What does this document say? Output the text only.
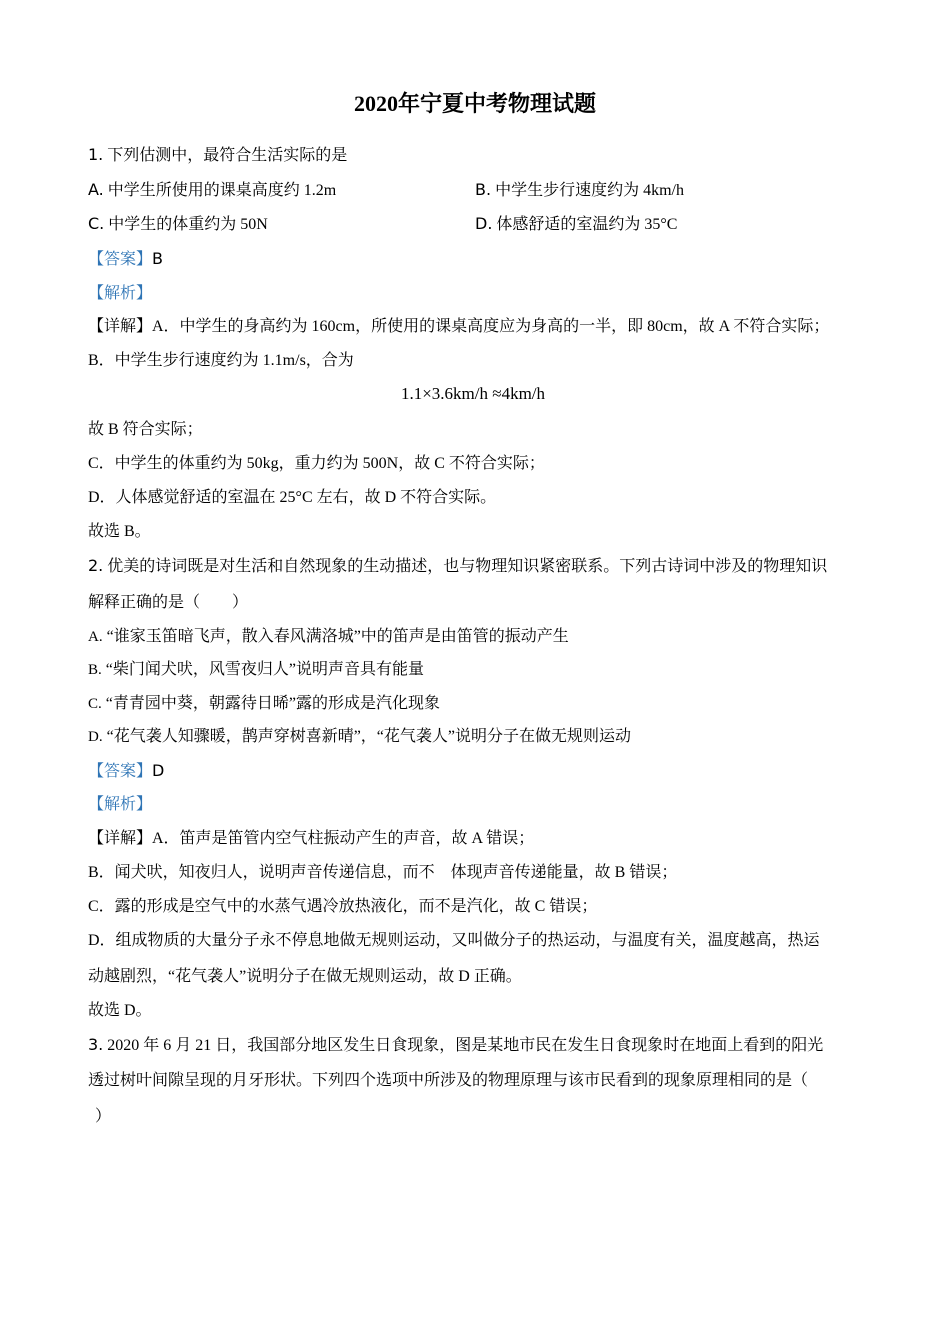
2020年宁夏中考物理试题
1. 下列估测中，最符合生活实际的是
A. 中学生所使用的课桌高度约 1.2m	B. 中学生步行速度约为 4km/h
C. 中学生的体重约为 50N	D. 体感舒适的室温约为 35°C
【答案】B
【解析】
【详解】A．中学生的身高约为 160cm，所使用的课桌高度应为身高的一半，即 80cm，故 A 不符合实际；
B．中学生步行速度约为 1.1m/s，合为
1.1×3.6km/h ≈4km/h
故 B 符合实际；
C．中学生的体重约为 50kg，重力约为 500N，故 C 不符合实际；
D．人体感觉舒适的室温在 25°C 左右，故 D 不符合实际。
故选 B。
2. 优美的诗词既是对生活和自然现象的生动描述，也与物理知识紧密联系。下列古诗词中涉及的物理知识
解释正确的是（　　）
A. “谁家玉笛暗飞声，散入春风满洛城”中的笛声是由笛管的振动产生
B. “柴门闻犬吠，风雪夜归人”说明声音具有能量
C. “青青园中葵，朝露待日晞”露的形成是汽化现象
D. “花气袭人知骤暖，鹊声穿树喜新晴”，“花气袭人”说明分子在做无规则运动
【答案】D
【解析】
【详解】A．笛声是笛管内空气柱振动产生的声音，故 A 错误；
B．闻犬吠，知夜归人，说明声音传递信息，而不　体现声音传递能量，故 B 错误；
C．露的形成是空气中的水蒸气遇冷放热液化，而不是汽化，故 C 错误；
D．组成物质的大量分子永不停息地做无规则运动，又叫做分子的热运动，与温度有关，温度越高，热运
动越剧烈，“花气袭人”说明分子在做无规则运动，故 D 正确。
故选 D。
3. 2020 年 6 月 21 日，我国部分地区发生日食现象，图是某地市民在发生日食现象时在地面上看到的阳光
透过树叶间隙呈现的月牙形状。下列四个选项中所涉及的物理原理与该市民看到的现象原理相同的是（
）
